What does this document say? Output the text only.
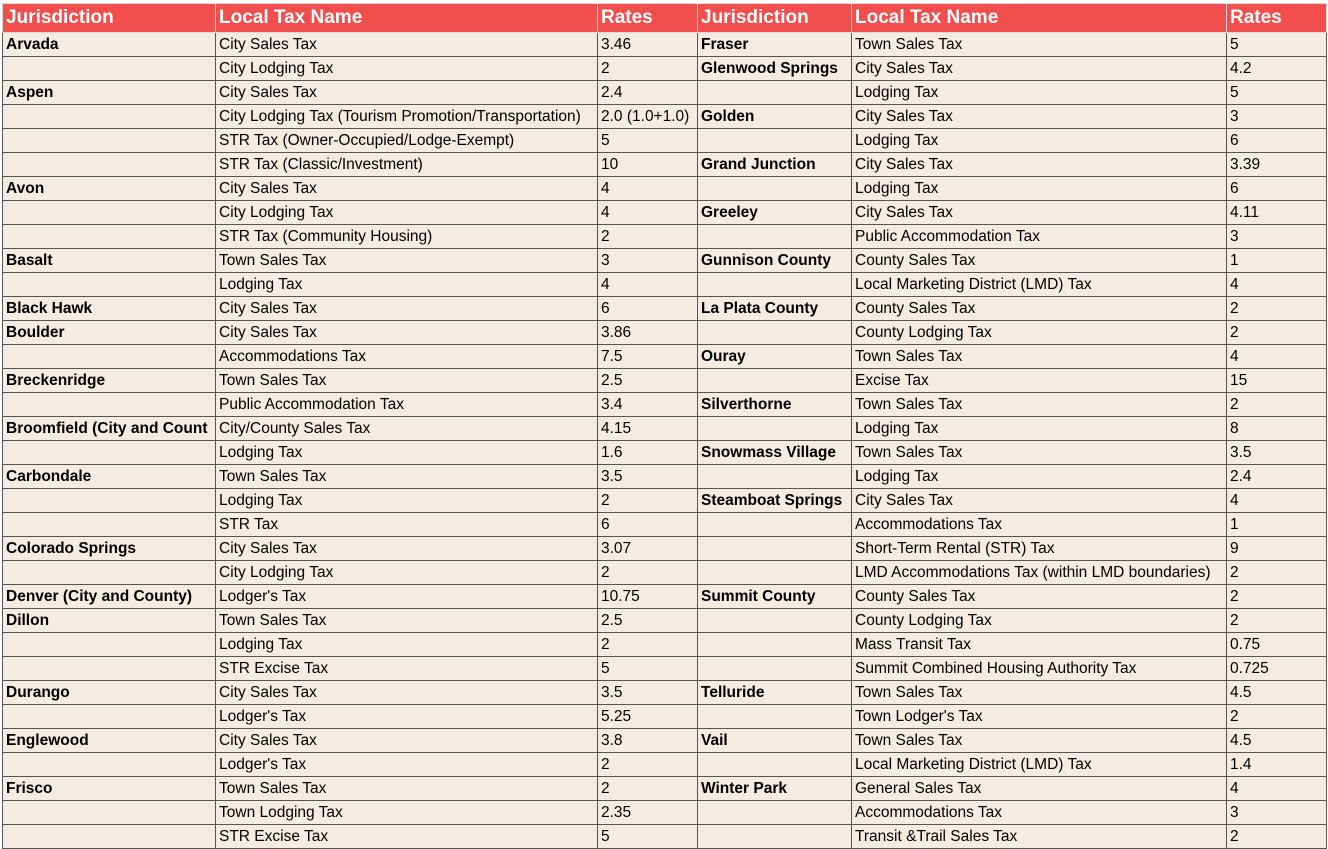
Jurisdiction	Local Tax Name	Rates	Jurisdiction	Local Tax Name	Rates
Arvada	City Sales Tax	3.46	Fraser	Town Sales Tax	5
	City Lodging Tax	2	Glenwood Springs	City Sales Tax	4.2
Aspen	City Sales Tax	2.4		Lodging Tax	5
	City Lodging Tax (Tourism Promotion/Transportation)	2.0 (1.0+1.0)	Golden	City Sales Tax	3
	STR Tax (Owner-Occupied/Lodge-Exempt)	5		Lodging Tax	6
	STR Tax (Classic/Investment)	10	Grand Junction	City Sales Tax	3.39
Avon	City Sales Tax	4		Lodging Tax	6
	City Lodging Tax	4	Greeley	City Sales Tax	4.11
	STR Tax (Community Housing)	2		Public Accommodation Tax	3
Basalt	Town Sales Tax	3	Gunnison County	County Sales Tax	1
	Lodging Tax	4		Local Marketing District (LMD) Tax	4
Black Hawk	City Sales Tax	6	La Plata County	County Sales Tax	2
Boulder	City Sales Tax	3.86		County Lodging Tax	2
	Accommodations Tax	7.5	Ouray	Town Sales Tax	4
Breckenridge	Town Sales Tax	2.5		Excise Tax	15
	Public Accommodation Tax	3.4	Silverthorne	Town Sales Tax	2
Broomfield (City and Count	City/County Sales Tax	4.15		Lodging Tax	8
	Lodging Tax	1.6	Snowmass Village	Town Sales Tax	3.5
Carbondale	Town Sales Tax	3.5		Lodging Tax	2.4
	Lodging Tax	2	Steamboat Springs	City Sales Tax	4
	STR Tax	6		Accommodations Tax	1
Colorado Springs	City Sales Tax	3.07		Short-Term Rental (STR) Tax	9
	City Lodging Tax	2		LMD Accommodations Tax (within LMD boundaries)	2
Denver (City and County)	Lodger's Tax	10.75	Summit County	County Sales Tax	2
Dillon	Town Sales Tax	2.5		County Lodging Tax	2
	Lodging Tax	2		Mass Transit Tax	0.75
	STR Excise Tax	5		Summit Combined Housing Authority Tax	0.725
Durango	City Sales Tax	3.5	Telluride	Town Sales Tax	4.5
	Lodger's Tax	5.25		Town Lodger's Tax	2
Englewood	City Sales Tax	3.8	Vail	Town Sales Tax	4.5
	Lodger's Tax	2		Local Marketing District (LMD) Tax	1.4
Frisco	Town Sales Tax	2	Winter Park	General Sales Tax	4
	Town Lodging Tax	2.35		Accommodations Tax	3
	STR Excise Tax	5		Transit &Trail Sales Tax	2
